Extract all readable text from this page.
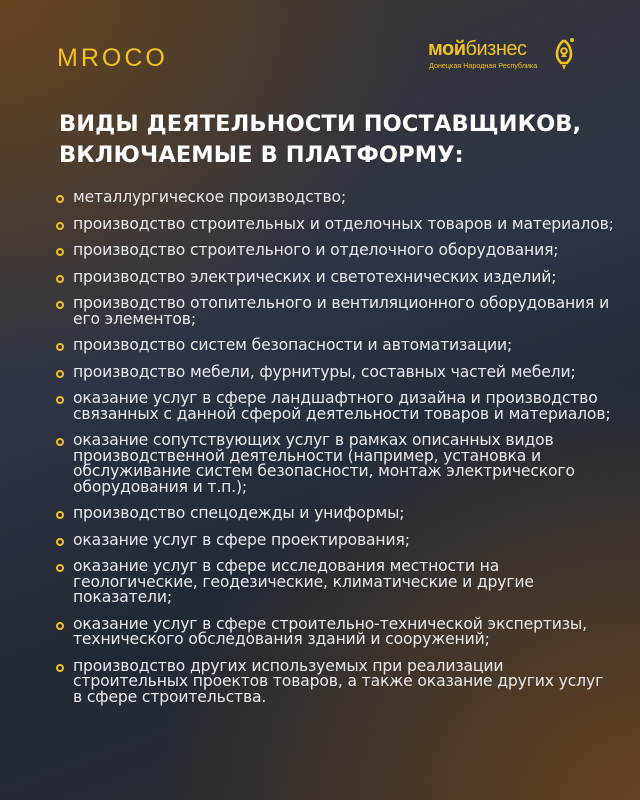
MROCO	мойбизнес
Донецкая Народная Республика
ВИДЫ ДЕЯТЕЛЬНОСТИ ПОСТАВЩИКОВ,
ВКЛЮЧАЕМЫЕ В ПЛАТФОРМУ:
металлургическое производство;
производство строительных и отделочных товаров и материалов;
производство строительного и отделочного оборудования;
производство электрических и светотехнических изделий;
производство отопительного и вентиляционного оборудования и его элементов;
производство систем безопасности и автоматизации;
производство мебели, фурнитуры, составных частей мебели;
оказание услуг в сфере ландшафтного дизайна и производство связанных с данной сферой деятельности товаров и материалов;
оказание сопутствующих услуг в рамках описанных видов производственной деятельности (например, установка и обслуживание систем безопасности, монтаж электрического оборудования и т.п.);
производство спецодежды и униформы;
оказание услуг в сфере проектирования;
оказание услуг в сфере исследования местности на геологические, геодезические, климатические и другие показатели;
оказание услуг в сфере строительно-технической экспертизы, технического обследования зданий и сооружений;
производство других используемых при реализации строительных проектов товаров, а также оказание других услуг в сфере строительства.
